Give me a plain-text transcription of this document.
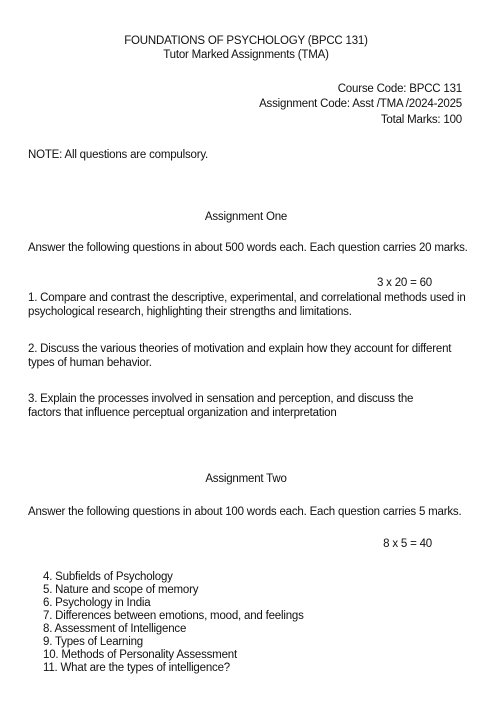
FOUNDATIONS OF PSYCHOLOGY (BPCC 131)
Tutor Marked Assignments (TMA)
Course Code: BPCC 131
Assignment Code: Asst /TMA /2024-2025
Total Marks: 100
NOTE: All questions are compulsory.
Assignment One
Answer the following questions in about 500 words each. Each question carries 20 marks.
3 x 20 = 60
1. Compare and contrast the descriptive, experimental, and correlational methods used in psychological research, highlighting their strengths and limitations.
2. Discuss the various theories of motivation and explain how they account for different types of human behavior.
3. Explain the processes involved in sensation and perception, and discuss the factors that influence perceptual organization and interpretation
Assignment Two
Answer the following questions in about 100 words each. Each question carries 5 marks.
8 x 5 = 40
4. Subfields of Psychology
5. Nature and scope of memory
6. Psychology in India
7. Differences between emotions, mood, and feelings
8. Assessment of Intelligence
9. Types of Learning
10. Methods of Personality Assessment
11. What are the types of intelligence?
